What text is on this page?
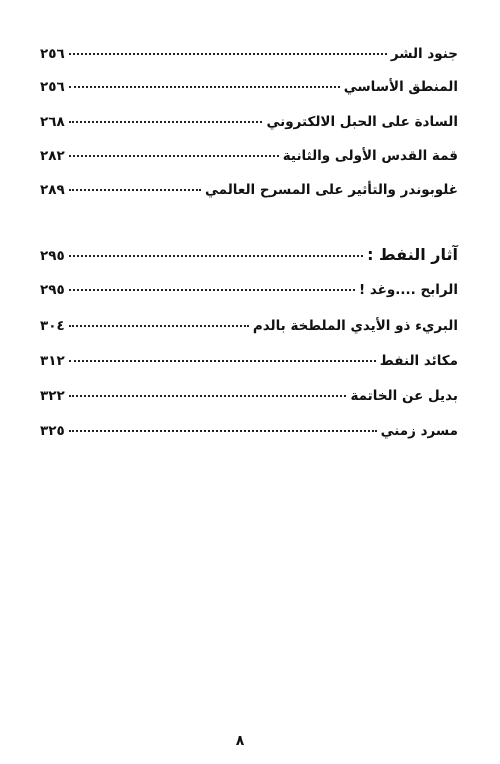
جنود الشر
٢٥٦
المنطق الأساسي
٢٥٦
السادة على الحبل الالكتروني
٢٦٨
قمة القدس الأولى والثانية
٢٨٢
غلوبوندر والتأثير على المسرح العالمي
٢٨٩
آثار النفط :
٢٩٥
الرابح ....وغد !
٢٩٥
البريء ذو الأيدي الملطخة بالدم
٣٠٤
مكائد النفط
٣١٢
بديل عن الخاتمة
٣٢٢
مسرد زمني
٣٢٥
٨
